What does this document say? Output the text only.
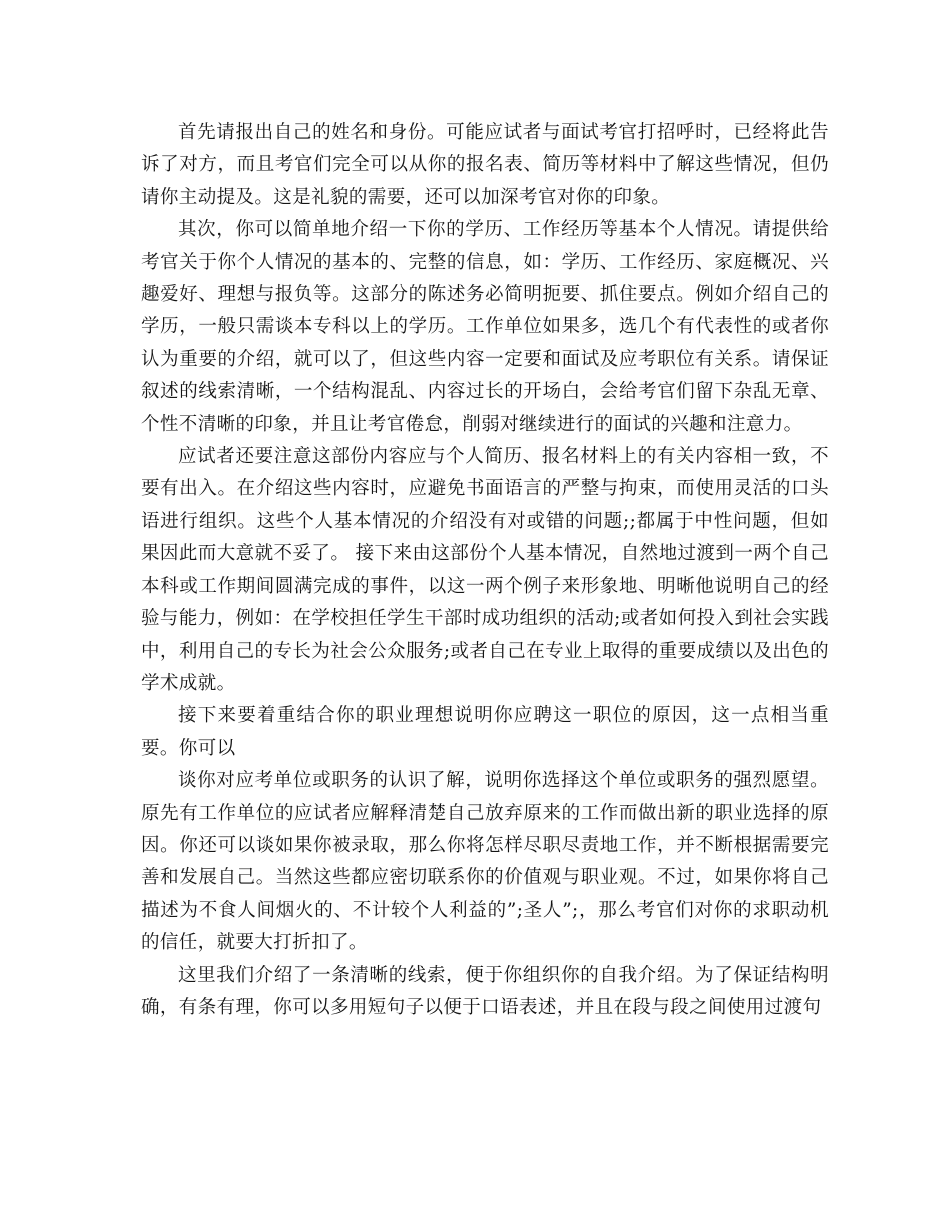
首先请报出自己的姓名和身份。可能应试者与面试考官打招呼时，已经将此告诉了对方，而且考官们完全可以从你的报名表、简历等材料中了解这些情况，但仍请你主动提及。这是礼貌的需要，还可以加深考官对你的印象。

其次，你可以简单地介绍一下你的学历、工作经历等基本个人情况。请提供给考官关于你个人情况的基本的、完整的信息，如：学历、工作经历、家庭概况、兴趣爱好、理想与报负等。这部分的陈述务必简明扼要、抓住要点。例如介绍自己的学历，一般只需谈本专科以上的学历。工作单位如果多，选几个有代表性的或者你认为重要的介绍，就可以了，但这些内容一定要和面试及应考职位有关系。请保证叙述的线索清晰，一个结构混乱、内容过长的开场白，会给考官们留下杂乱无章、个性不清晰的印象，并且让考官倦怠，削弱对继续进行的面试的兴趣和注意力。

应试者还要注意这部份内容应与个人简历、报名材料上的有关内容相一致，不要有出入。在介绍这些内容时，应避免书面语言的严整与拘束，而使用灵活的口头语进行组织。这些个人基本情况的介绍没有对或错的问题;;都属于中性问题，但如果因此而大意就不妥了。 接下来由这部份个人基本情况，自然地过渡到一两个自己本科或工作期间圆满完成的事件，以这一两个例子来形象地、明晰他说明自己的经验与能力，例如：在学校担任学生干部时成功组织的活动;或者如何投入到社会实践中，利用自己的专长为社会公众服务;或者自己在专业上取得的重要成绩以及出色的学术成就。

接下来要着重结合你的职业理想说明你应聘这一职位的原因，这一点相当重要。你可以

谈你对应考单位或职务的认识了解，说明你选择这个单位或职务的强烈愿望。原先有工作单位的应试者应解释清楚自己放弃原来的工作而做出新的职业选择的原因。你还可以谈如果你被录取，那么你将怎样尽职尽责地工作，并不断根据需要完善和发展自己。当然这些都应密切联系你的价值观与职业观。不过，如果你将自己描述为不食人间烟火的、不计较个人利益的”;圣人”;，那么考官们对你的求职动机的信任，就要大打折扣了。

这里我们介绍了一条清晰的线索，便于你组织你的自我介绍。为了保证结构明确，有条有理，你可以多用短句子以便于口语表述，并且在段与段之间使用过渡句
